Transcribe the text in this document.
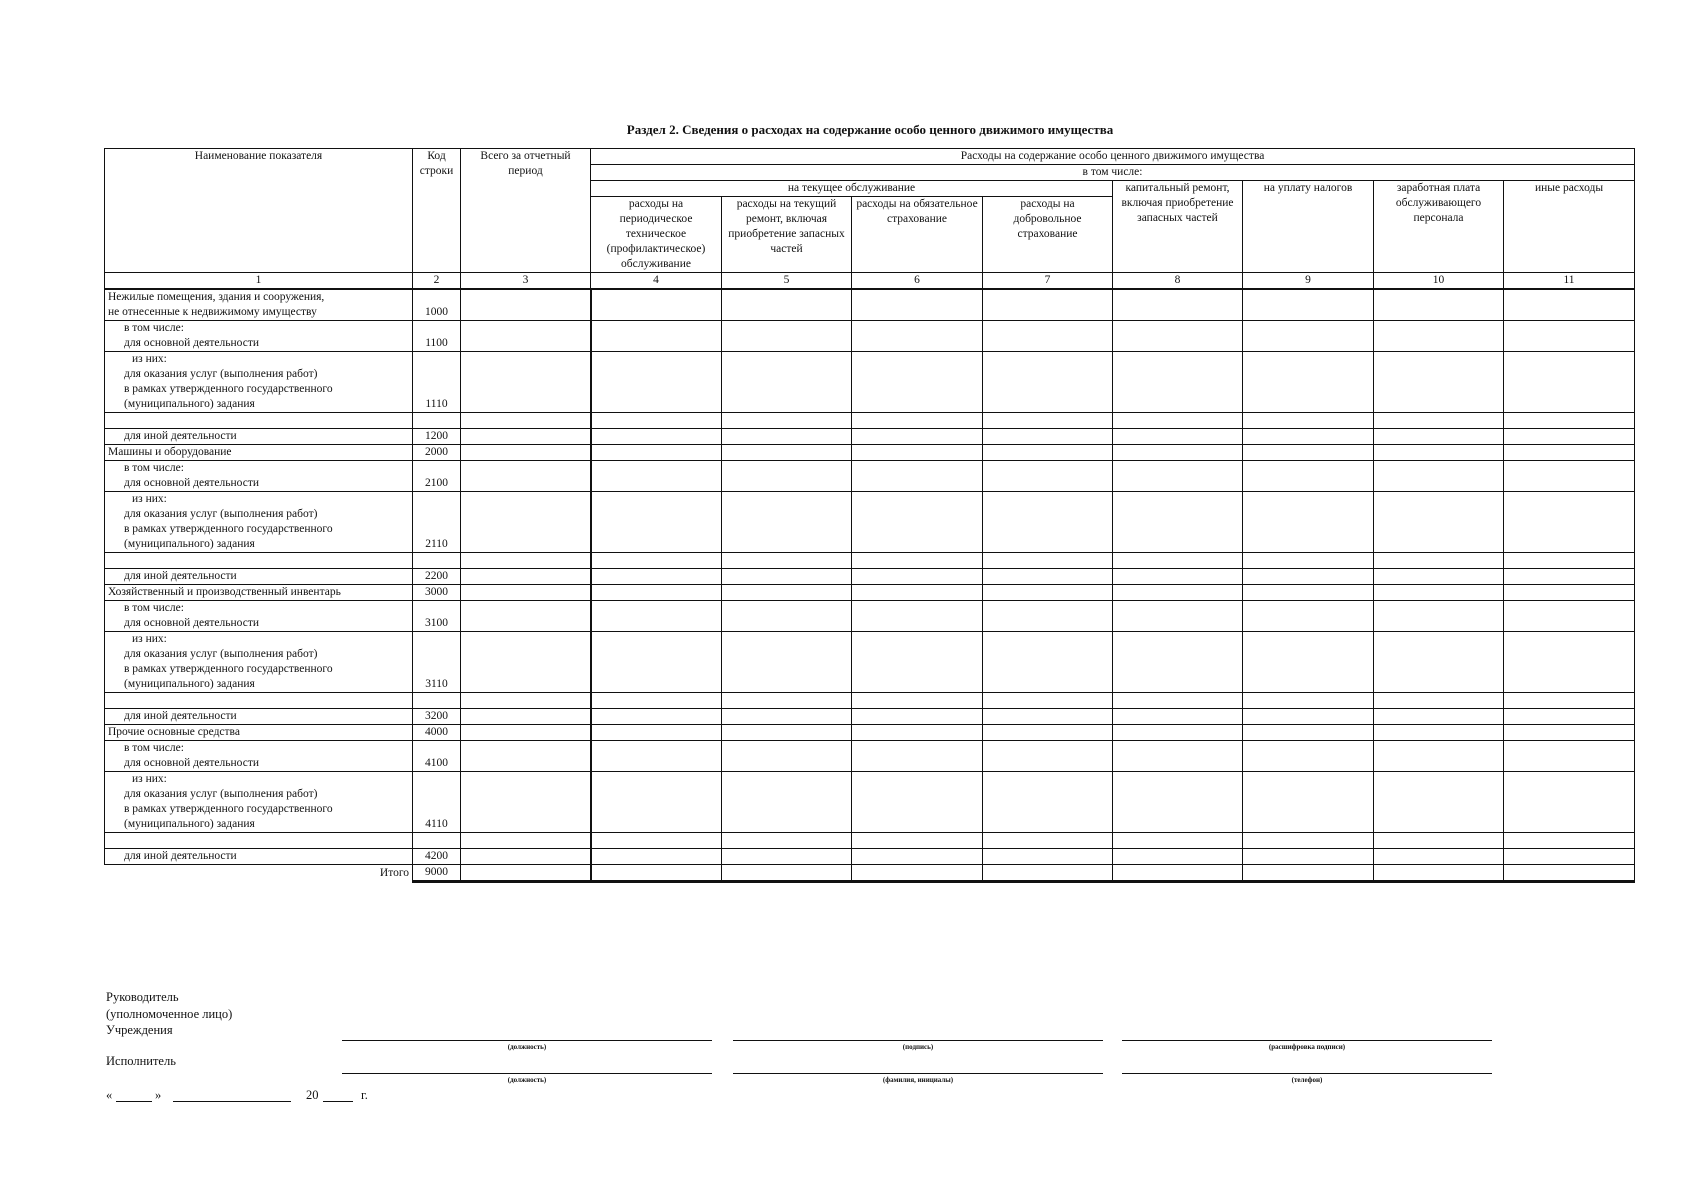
Раздел 2. Сведения о расходах на содержание особо ценного движимого имущества
Наименование показателя	Код строки	Всего за отчетный период	Расходы на содержание особо ценного движимого имущества							
			в том числе:							
			на текущее обслуживание				капитальный ремонт, включая приобретение запасных частей	на уплату налогов	заработная плата обслуживающего персонала	иные расходы
			расходы на периодическое техническое (профилактическое) обслуживание	расходы на текущий ремонт, включая приобретение запасных частей	расходы на обязательное страхование	расходы на добровольное страхование				
1	2	3	4	5	6	7	8	9	10	11

Нежилые помещения, здания и сооружения,
не отнесенные к недвижимому имуществу	1000									

в том числе:
для основной деятельности	1100									

из них:
для оказания услуг (выполнения работ)
в рамках утвержденного государственного
(муниципального) задания	1110									

для иной деятельности	1200									

Машины и оборудование	2000									

в том числе:
для основной деятельности	2100									

из них:
для оказания услуг (выполнения работ)
в рамках утвержденного государственного
(муниципального) задания	2110									

для иной деятельности	2200									

Хозяйственный и производственный инвентарь	3000									

в том числе:
для основной деятельности	3100									

из них:
для оказания услуг (выполнения работ)
в рамках утвержденного государственного
(муниципального) задания	3110									

для иной деятельности	3200									

Прочие основные средства	4000									

в том числе:
для основной деятельности	4100									

из них:
для оказания услуг (выполнения работ)
в рамках утвержденного государственного
(муниципального) задания	4110									

для иной деятельности	4200									
Итого	9000									
Руководитель
(уполномоченное лицо)
Учреждения
(должность)	(подпись)	(расшифровка подписи)
Исполнитель
(должность)	(фамилия, инициалы)	(телефон)
«	»	20	г.
